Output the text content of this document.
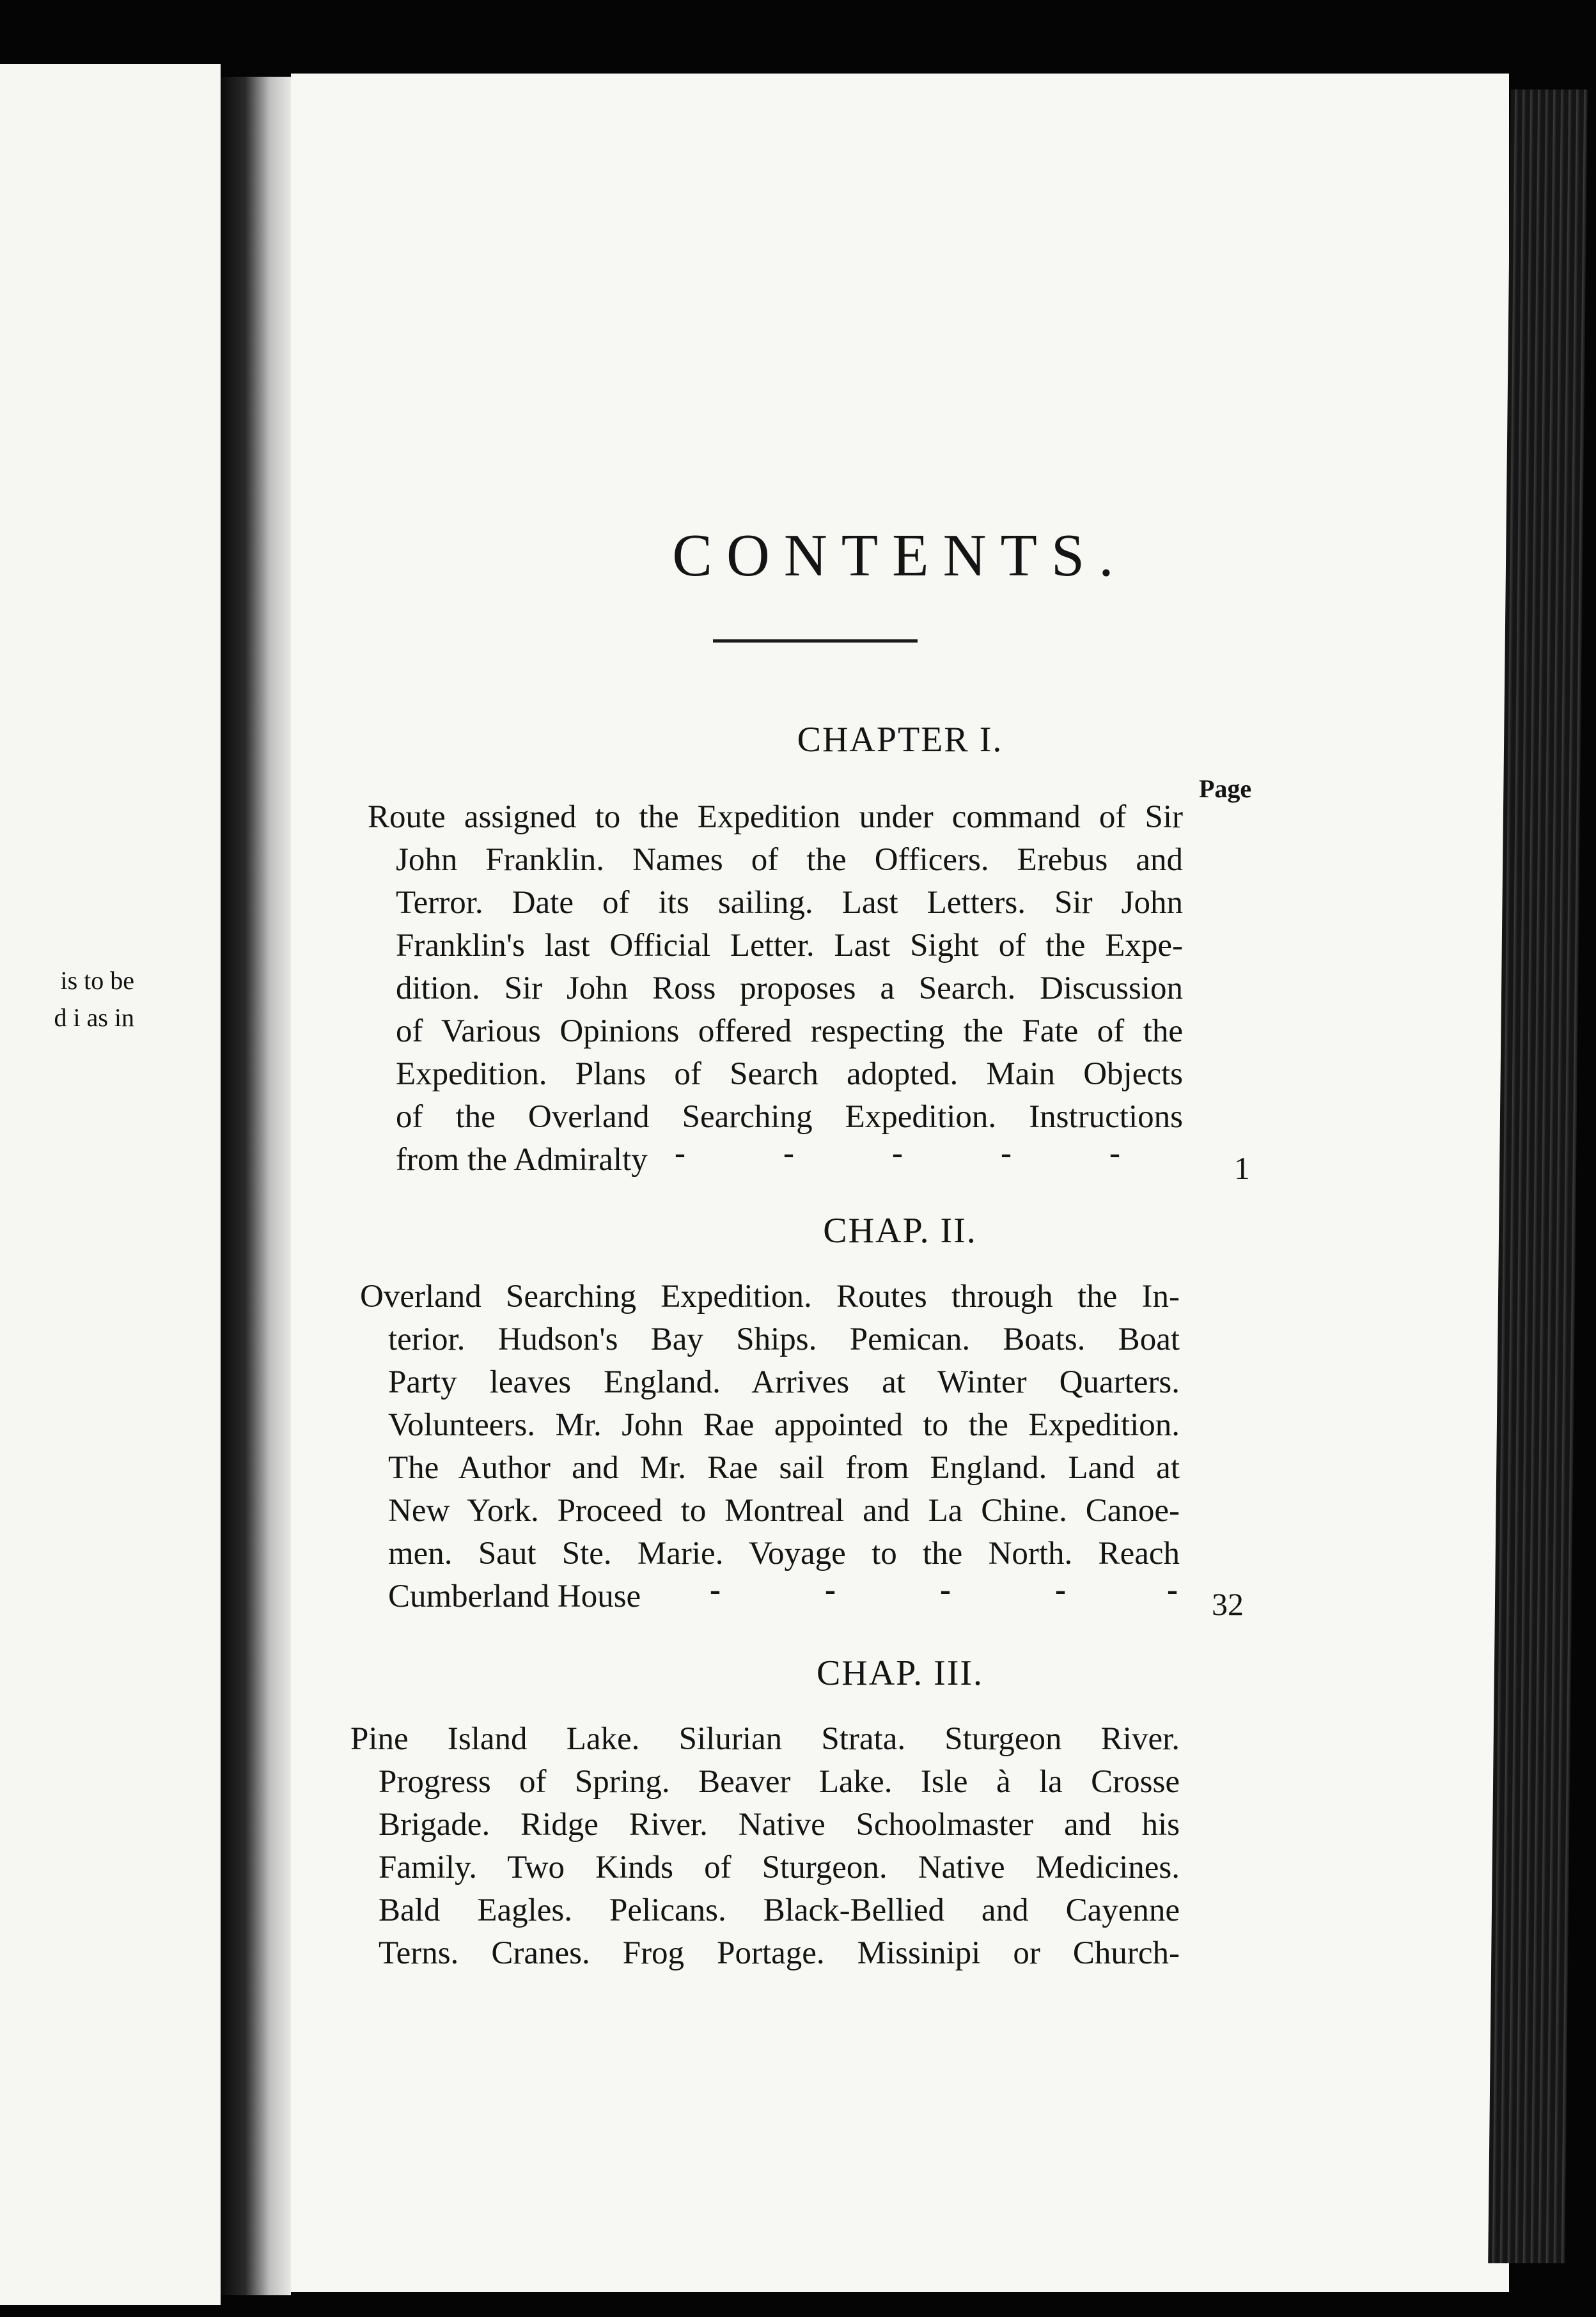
is to be
d i as in
CONTENTS.
CHAPTER I.
Page
Route assigned to the Expedition under command of Sir
John Franklin. Names of the Officers. Erebus and
Terror. Date of its sailing. Last Letters. Sir John
Franklin's last Official Letter. Last Sight of the Expe-
dition. Sir John Ross proposes a Search. Discussion
of Various Opinions offered respecting the Fate of the
Expedition. Plans of Search adopted. Main Objects
of the Overland Searching Expedition. Instructions
from the Admiralty -	-	-	-	-	1
CHAP. II.
Overland Searching Expedition. Routes through the In-
terior. Hudson's Bay Ships. Pemican. Boats. Boat
Party leaves England. Arrives at Winter Quarters.
Volunteers. Mr. John Rae appointed to the Expedition.
The Author and Mr. Rae sail from England. Land at
New York. Proceed to Montreal and La Chine. Canoe-
men. Saut Ste. Marie. Voyage to the North. Reach
Cumberland House	-	-	-	-	- 32
CHAP. III.
Pine Island Lake. Silurian Strata. Sturgeon River.
Progress of Spring. Beaver Lake. Isle à la Crosse
Brigade. Ridge River. Native Schoolmaster and his
Family. Two Kinds of Sturgeon. Native Medicines.
Bald Eagles. Pelicans. Black-Bellied and Cayenne
Terns. Cranes. Frog Portage. Missinipi or Church-
